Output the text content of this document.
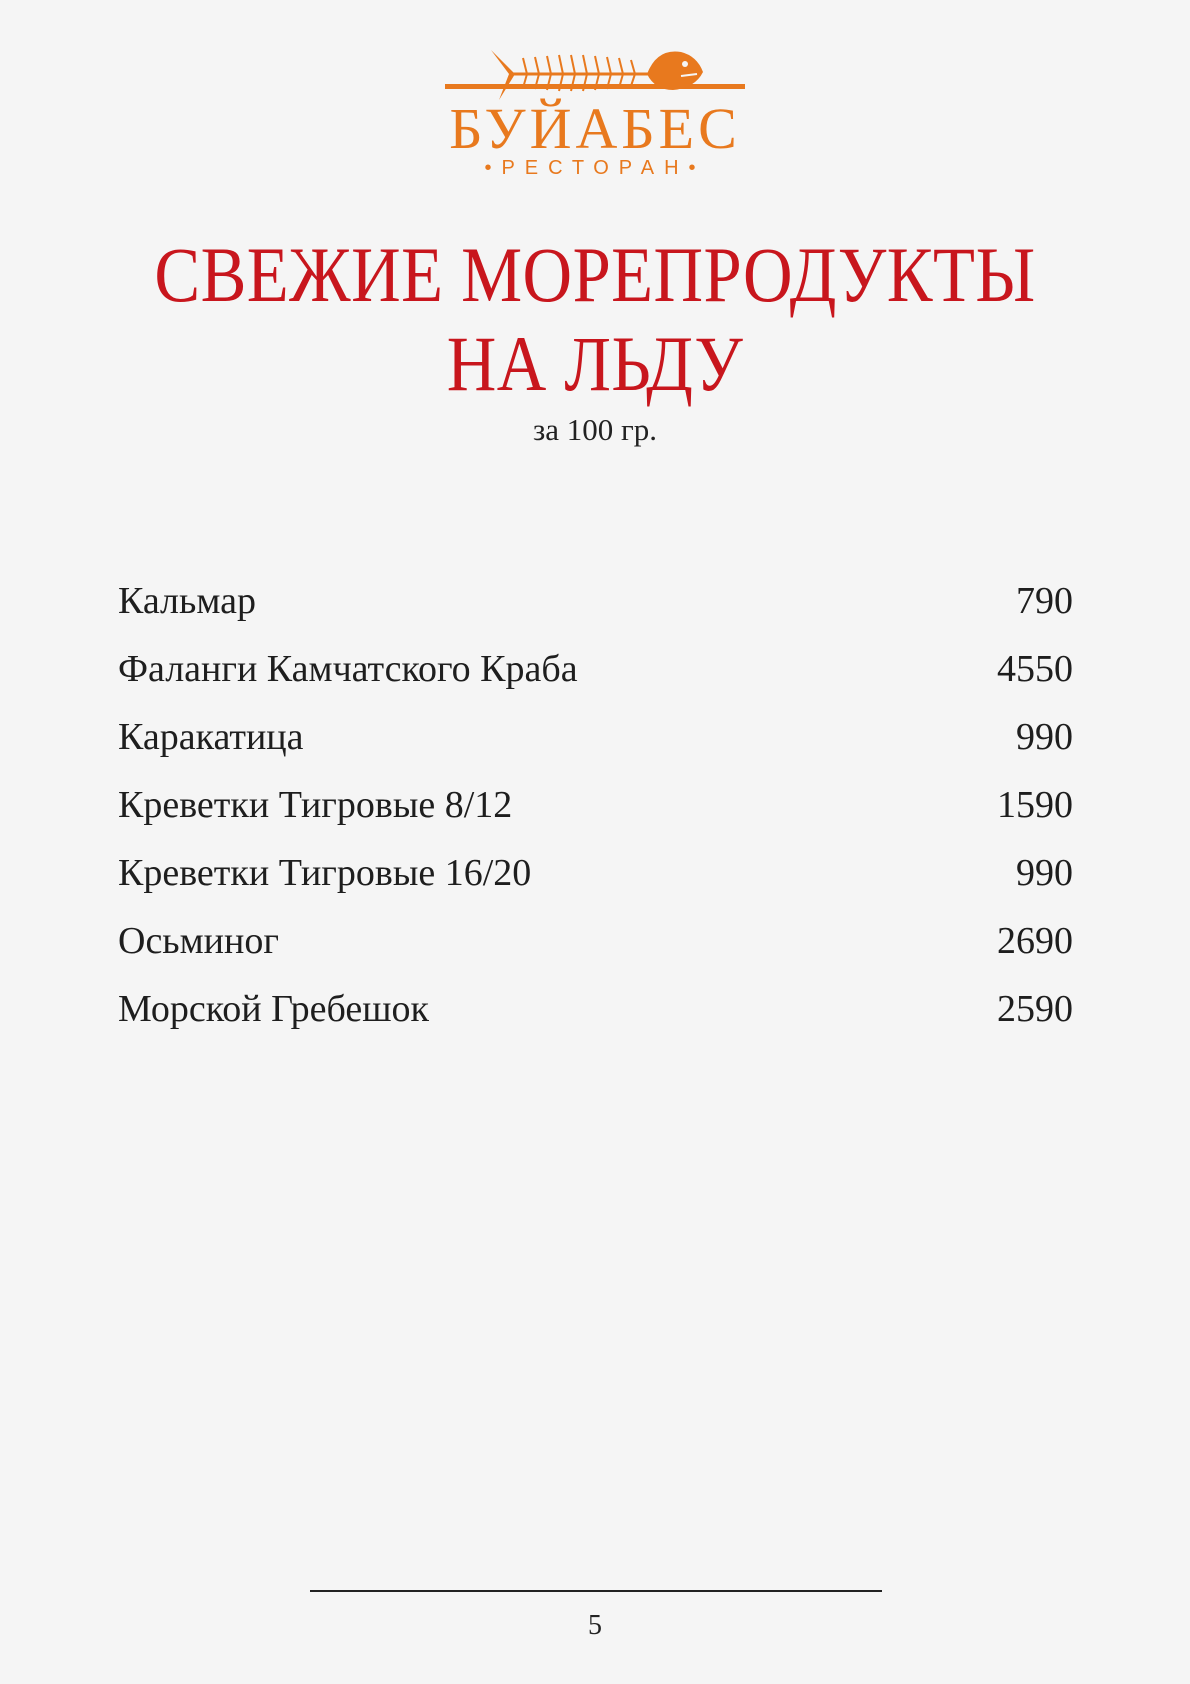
БУЙАБЕС
•РЕСТОРАН•
СВЕЖИЕ МОРЕПРОДУКТЫ
НА ЛЬДУ
за 100 гр.
Кальмар	790
Фаланги Камчатского Краба	4550
Каракатица	990
Креветки Тигровые 8/12	1590
Креветки Тигровые 16/20	990
Осьминог	2690
Морской Гребешок	2590
5
